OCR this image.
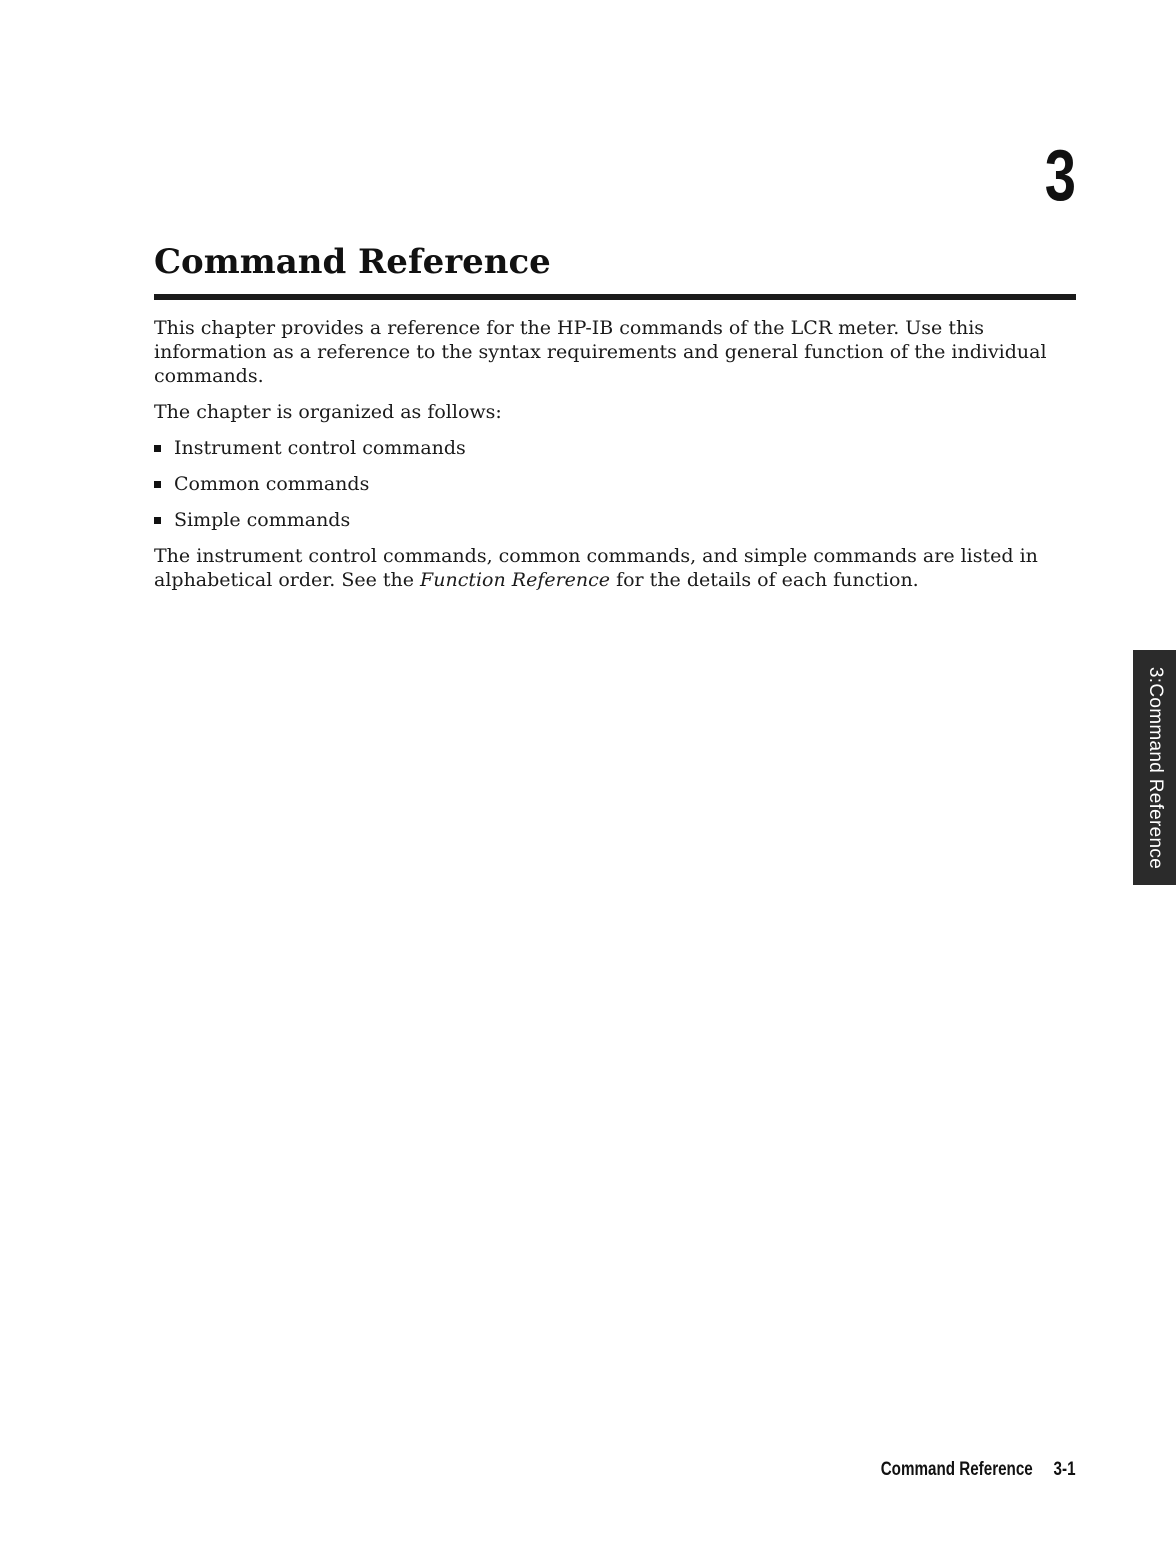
3
Command Reference

This chapter provides a reference for the HP-IB commands of the LCR meter. Use this information as a reference to the syntax requirements and general function of the individual commands.

The chapter is organized as follows:

Instrument control commands
Common commands
Simple commands

The instrument control commands, common commands, and simple commands are listed in alphabetical order. See the Function Reference for the details of each function.

3:Command Reference
Command Reference 3-1
